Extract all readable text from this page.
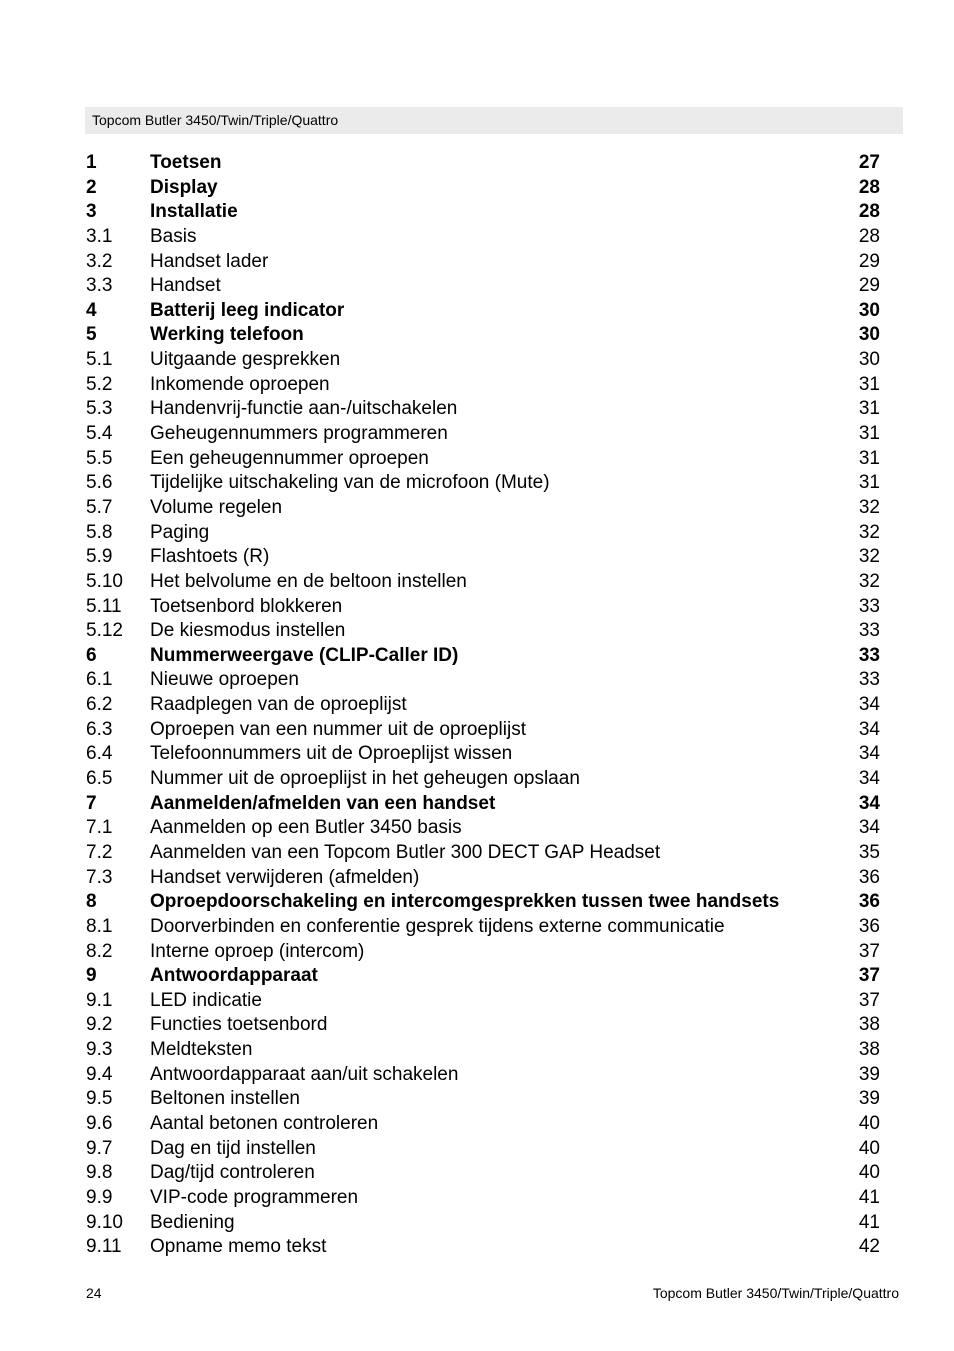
Topcom Butler 3450/Twin/Triple/Quattro
1	Toetsen	27
2	Display	28
3	Installatie	28
3.1 Basis	28
3.2 Handset lader	29
3.3 Handset	29
4	Batterij leeg indicator	30
5	Werking telefoon	30
5.1 Uitgaande gesprekken	30
5.2 Inkomende oproepen	31
5.3 Handenvrij-functie aan-/uitschakelen	31
5.4 Geheugennummers programmeren	31
5.5 Een geheugennummer oproepen	31
5.6 Tijdelijke uitschakeling van de microfoon (Mute)	31
5.7 Volume regelen	32
5.8 Paging	32
5.9 Flashtoets (R)	32
5.10 Het belvolume en de beltoon instellen	32
5.11 Toetsenbord blokkeren	33
5.12 De kiesmodus instellen	33
6	Nummerweergave (CLIP-Caller ID)	33
6.1 Nieuwe oproepen	33
6.2 Raadplegen van de oproeplijst	34
6.3 Oproepen van een nummer uit de oproeplijst	34
6.4 Telefoonnummers uit de Oproeplijst wissen	34
6.5 Nummer uit de oproeplijst in het geheugen opslaan	34
7	Aanmelden/afmelden van een handset	34
7.1 Aanmelden op een Butler 3450 basis	34
7.2 Aanmelden van een Topcom Butler 300 DECT GAP Headset	35
7.3 Handset verwijderen (afmelden)	36
8	Oproepdoorschakeling en intercomgesprekken tussen twee handsets	36
8.1 Doorverbinden en conferentie gesprek tijdens externe communicatie	36
8.2 Interne oproep (intercom)	37
9	Antwoordapparaat	37
9.1 LED indicatie	37
9.2 Functies toetsenbord	38
9.3 Meldteksten	38
9.4 Antwoordapparaat aan/uit schakelen	39
9.5 Beltonen instellen	39
9.6 Aantal betonen controleren	40
9.7 Dag en tijd instellen	40
9.8 Dag/tijd controleren	40
9.9 VIP-code programmeren	41
9.10 Bediening	41
9.11 Opname memo tekst	42
24	Topcom Butler 3450/Twin/Triple/Quattro
